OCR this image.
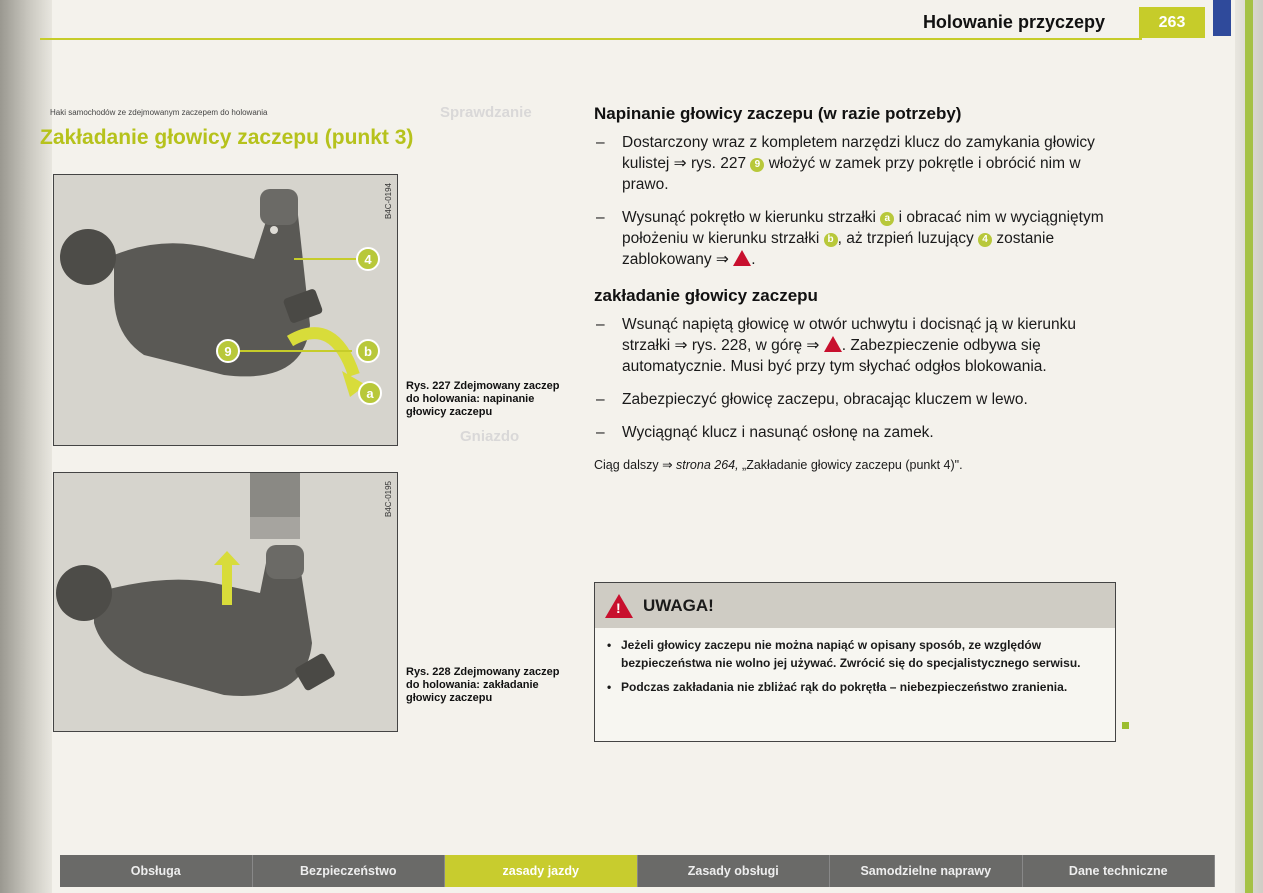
Sprawdzanie
Gniazdo
Holowanie przyczepy	263
Haki samochodów ze zdejmowanym zaczepem do holowania
Zakładanie głowicy zaczepu (punkt 3)
4
9	b
a
B4C-0194
Rys. 227 Zdejmowany zaczep do holowania: napinanie głowicy zaczepu
B4C-0195
Rys. 228 Zdejmowany zaczep do holowania: zakładanie głowicy zaczepu
Napinanie głowicy zaczepu (w razie potrzeby)
– Dostarczony wraz z kompletem narzędzi klucz do zamykania głowicy kulistej ⇒ rys. 227 9 włożyć w zamek przy pokrętle i obrócić nim w prawo.
– Wysunąć pokrętło w kierunku strzałki a i obracać nim w wyciągniętym położeniu w kierunku strzałki b , aż trzpień luzujący 4 zostanie zablokowany ⇒ .
zakładanie głowicy zaczepu
– Wsunąć napiętą głowicę w otwór uchwytu i docisnąć ją w kierunku strzałki ⇒ rys. 228, w górę ⇒ . Zabezpieczenie odbywa się automatycznie. Musi być przy tym słychać odgłos blokowania.
– Zabezpieczyć głowicę zaczepu, obracając kluczem w lewo.
– Wyciągnąć klucz i nasunąć osłonę na zamek.
Ciąg dalszy ⇒ strona 264, „Zakładanie głowicy zaczepu (punkt 4)".
!
UWAGA!

• Jeżeli głowicy zaczepu nie można napiąć w opisany sposób, ze względów bezpieczeństwa nie wolno jej używać. Zwrócić się do specjalistycznego serwisu.

• Podczas zakładania nie zbliżać rąk do pokrętła – niebezpieczeństwo zranienia.

Obsługa	Bezpieczeństwo	zasady jazdy	Zasady obsługi	Samodzielne naprawy	Dane techniczne
